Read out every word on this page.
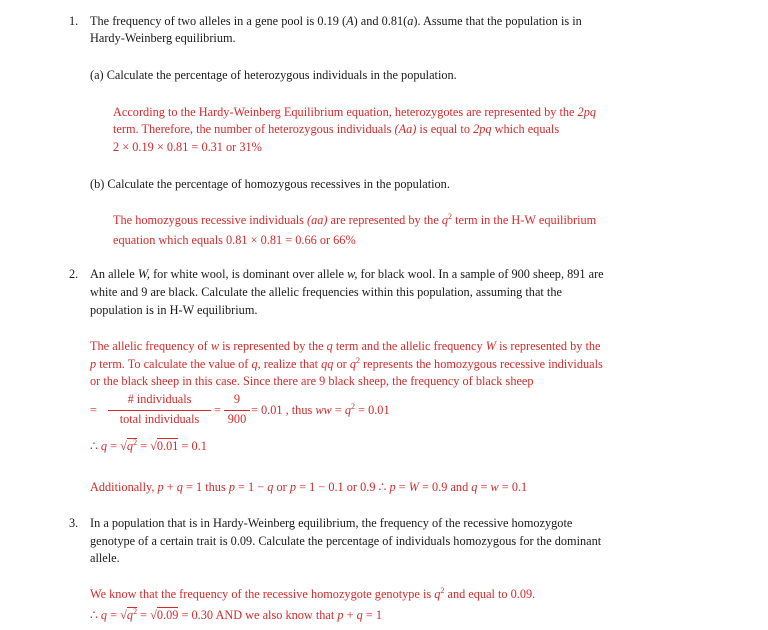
1. The frequency of two alleles in a gene pool is 0.19 (A) and 0.81(a). Assume that the population is in
Hardy-Weinberg equilibrium.
(a) Calculate the percentage of heterozygous individuals in the population.
According to the Hardy-Weinberg Equilibrium equation, heterozygotes are represented by the 2pq
term. Therefore, the number of heterozygous individuals (Aa) is equal to 2pq which equals
2 × 0.19 × 0.81 = 0.31 or 31%
(b) Calculate the percentage of homozygous recessives in the population.
The homozygous recessive individuals (aa) are represented by the $q^2$ term in the H-W equilibrium
equation which equals 0.81 × 0.81 = 0.66 or 66%
2. An allele W, for white wool, is dominant over allele w, for black wool. In a sample of 900 sheep, 891 are
white and 9 are black. Calculate the allelic frequencies within this population, assuming that the
population is in H-W equilibrium.
The allelic frequency of w is represented by the q term and the allelic frequency W is represented by the
p term. To calculate the value of q, realize that qq or $q^2$ represents the homozygous recessive individuals
or the black sheep in this case. Since there are 9 black sheep, the frequency of black sheep
=
# individuals
total individuals
=
9
900
= 0.01 , thus ww = $q^2 = 0.01$
∴ $q = √q^2 = √0.01 = 0.1$
Additionally, p + q = 1 thus p = 1 − q or p = 1 − 0.1 or 0.9 ∴ p = W = 0.9 and q = w = 0.1
3. In a population that is in Hardy-Weinberg equilibrium, the frequency of the recessive homozygote
genotype of a certain trait is 0.09. Calculate the percentage of individuals homozygous for the dominant
allele.
We know that the frequency of the recessive homozygote genotype is $q^2$ and equal to 0.09.
∴ $q = √q^2 = √0.09 = 0.30$ AND we also know that p + q = 1
